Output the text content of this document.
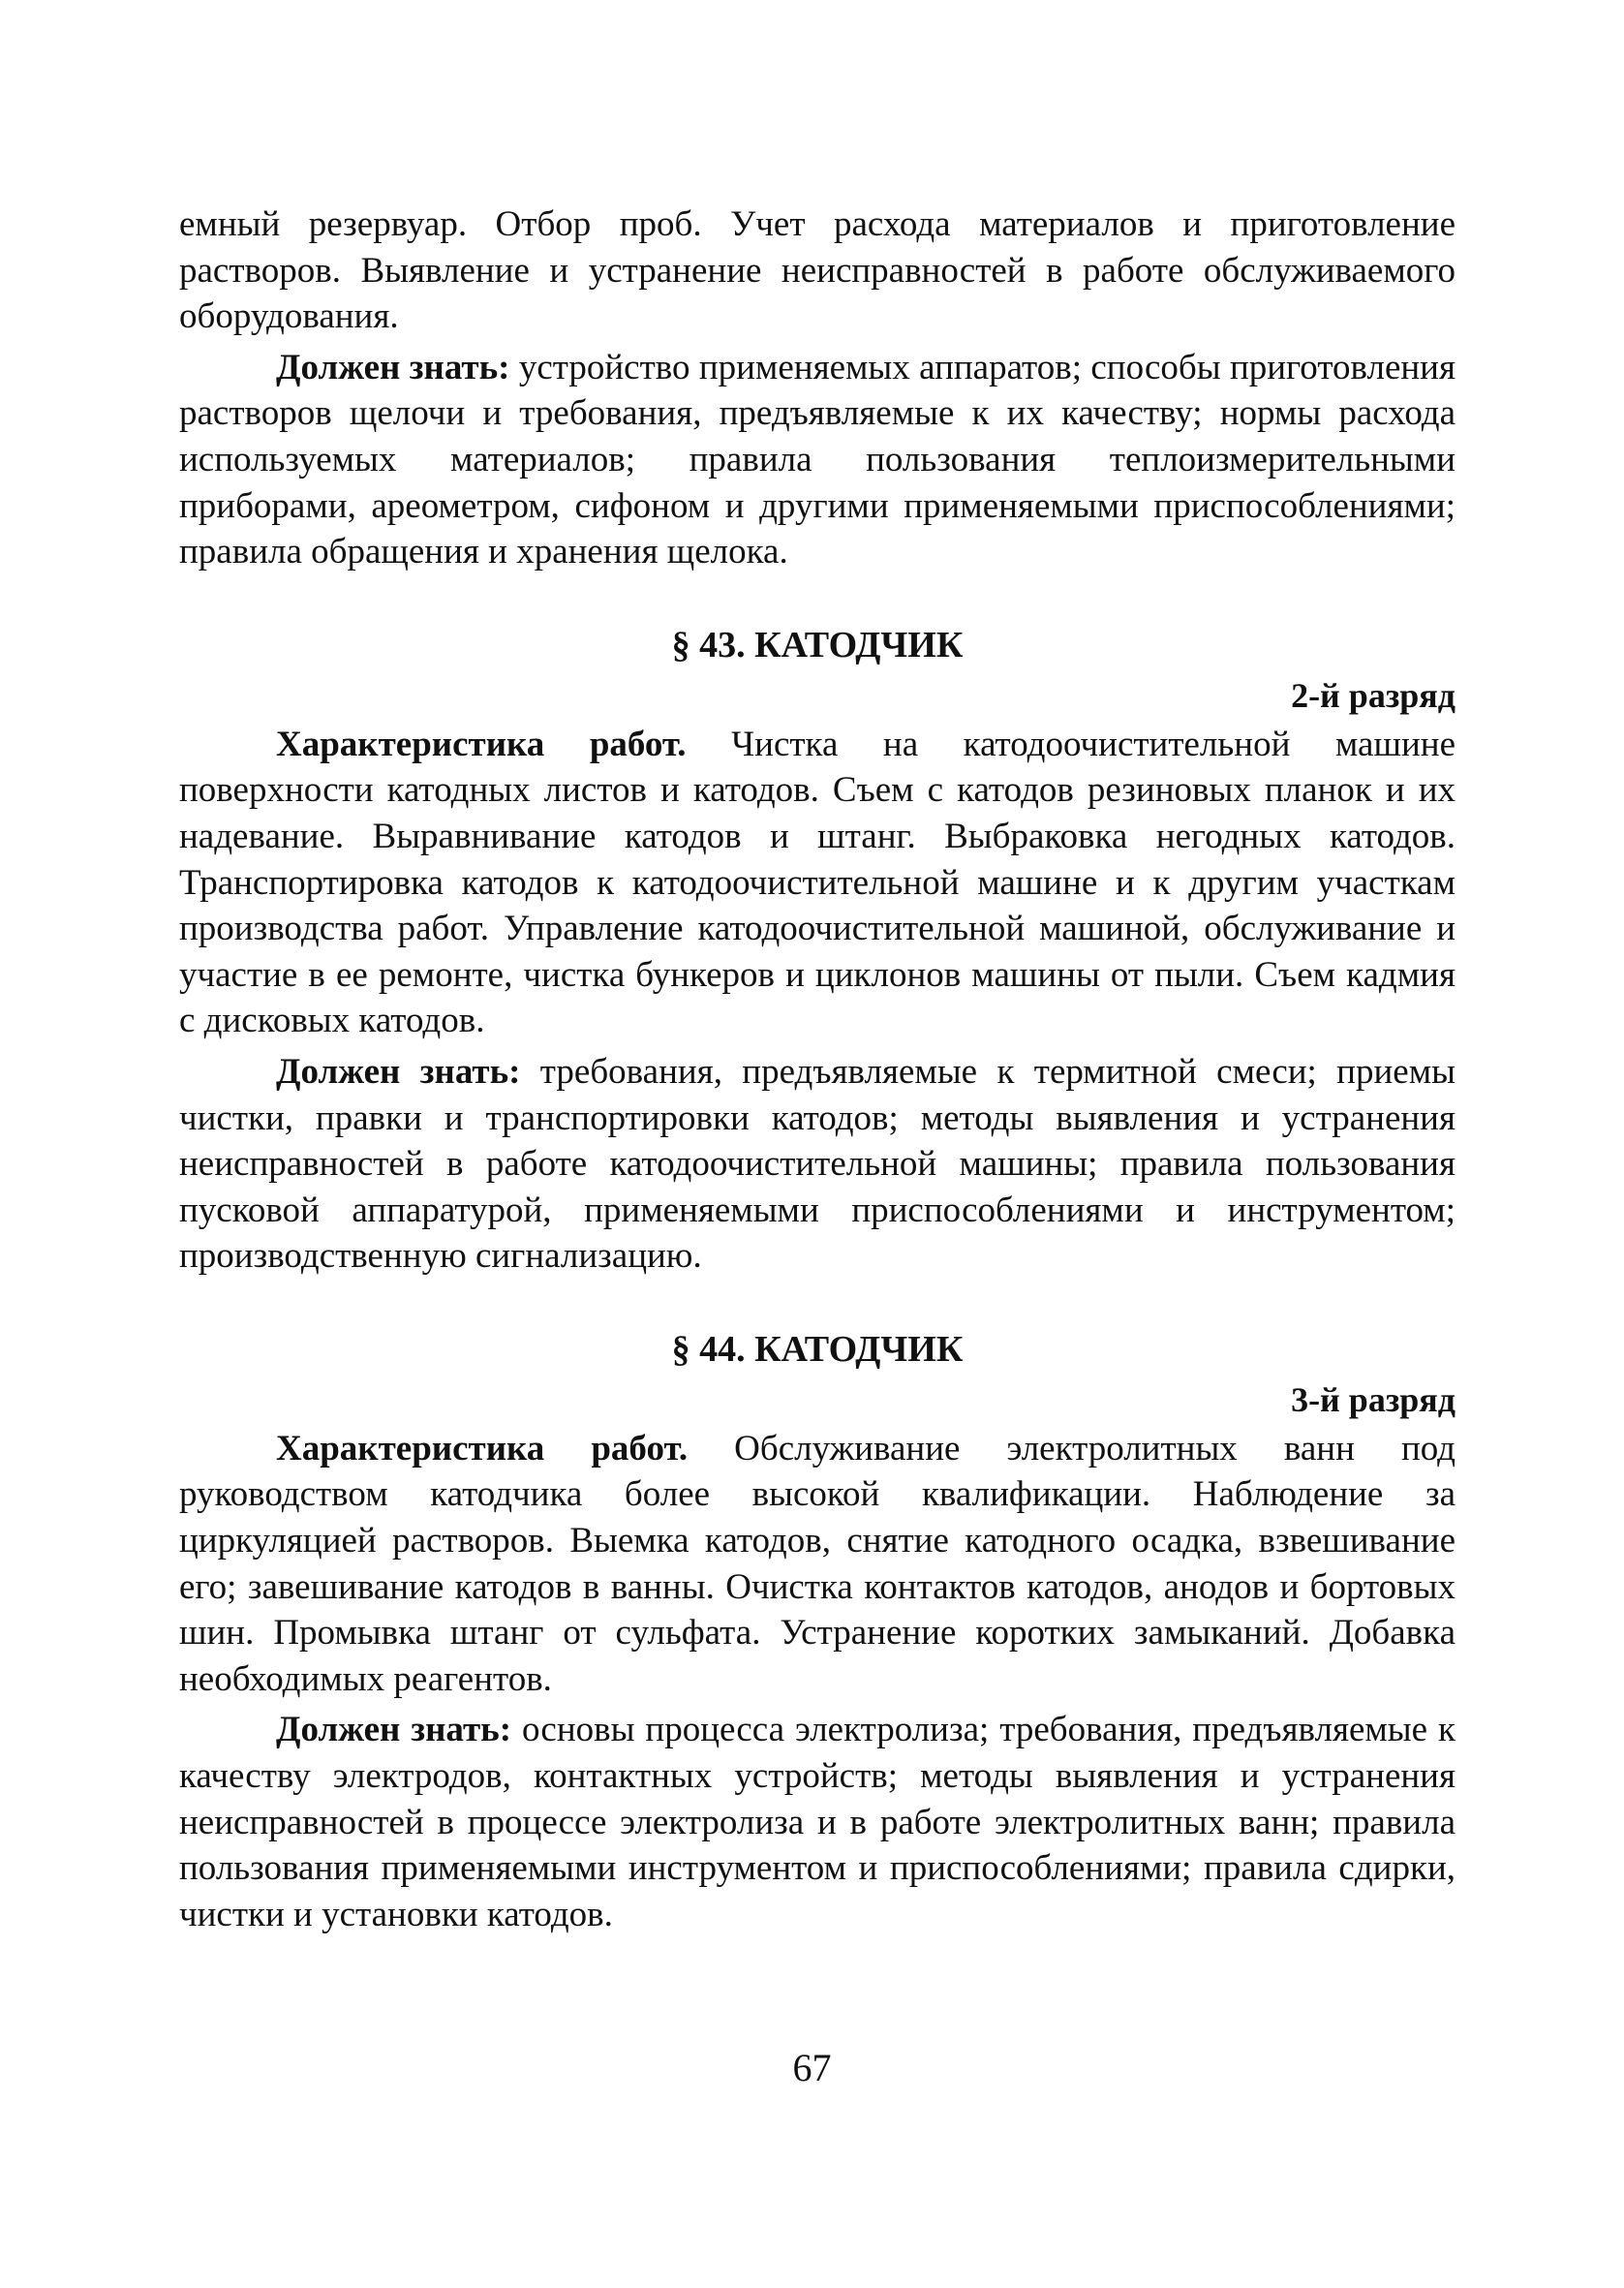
емный резервуар. Отбор проб. Учет расхода материалов и приготовление растворов. Выявление и устранение неисправностей в работе обслуживаемого оборудования.

Должен знать: устройство применяемых аппаратов; способы приготовления растворов щелочи и требования, предъявляемые к их качеству; нормы расхода используемых материалов; правила пользования теплоизмерительными приборами, ареометром, сифоном и другими применяемыми приспособлениями; правила обращения и хранения щелока.

§ 43. КАТОДЧИК
2-й разряд

Характеристика работ. Чистка на катодоочистительной машине поверхности катодных листов и катодов. Съем с катодов резиновых планок и их надевание. Выравнивание катодов и штанг. Выбраковка негодных катодов. Транспортировка катодов к катодоочистительной машине и к другим участкам производства работ. Управление катодоочистительной машиной, обслуживание и участие в ее ремонте, чистка бункеров и циклонов машины от пыли. Съем кадмия с дисковых катодов.

Должен знать: требования, предъявляемые к термитной смеси; приемы чистки, правки и транспортировки катодов; методы выявления и устранения неисправностей в работе катодоочистительной машины; правила пользования пусковой аппаратурой, применяемыми приспособлениями и инструментом; производственную сигнализацию.

§ 44. КАТОДЧИК
3-й разряд

Характеристика работ. Обслуживание электролитных ванн под руководством катодчика более высокой квалификации. Наблюдение за циркуляцией растворов. Выемка катодов, снятие катодного осадка, взвешивание его; завешивание катодов в ванны. Очистка контактов катодов, анодов и бортовых шин. Промывка штанг от сульфата. Устранение коротких замыканий. Добавка необходимых реагентов.

Должен знать: основы процесса электролиза; требования, предъявляемые к качеству электродов, контактных устройств; методы выявления и устранения неисправностей в процессе электролиза и в работе электролитных ванн; правила пользования применяемыми инструментом и приспособлениями; правила сдирки, чистки и установки катодов.

67
